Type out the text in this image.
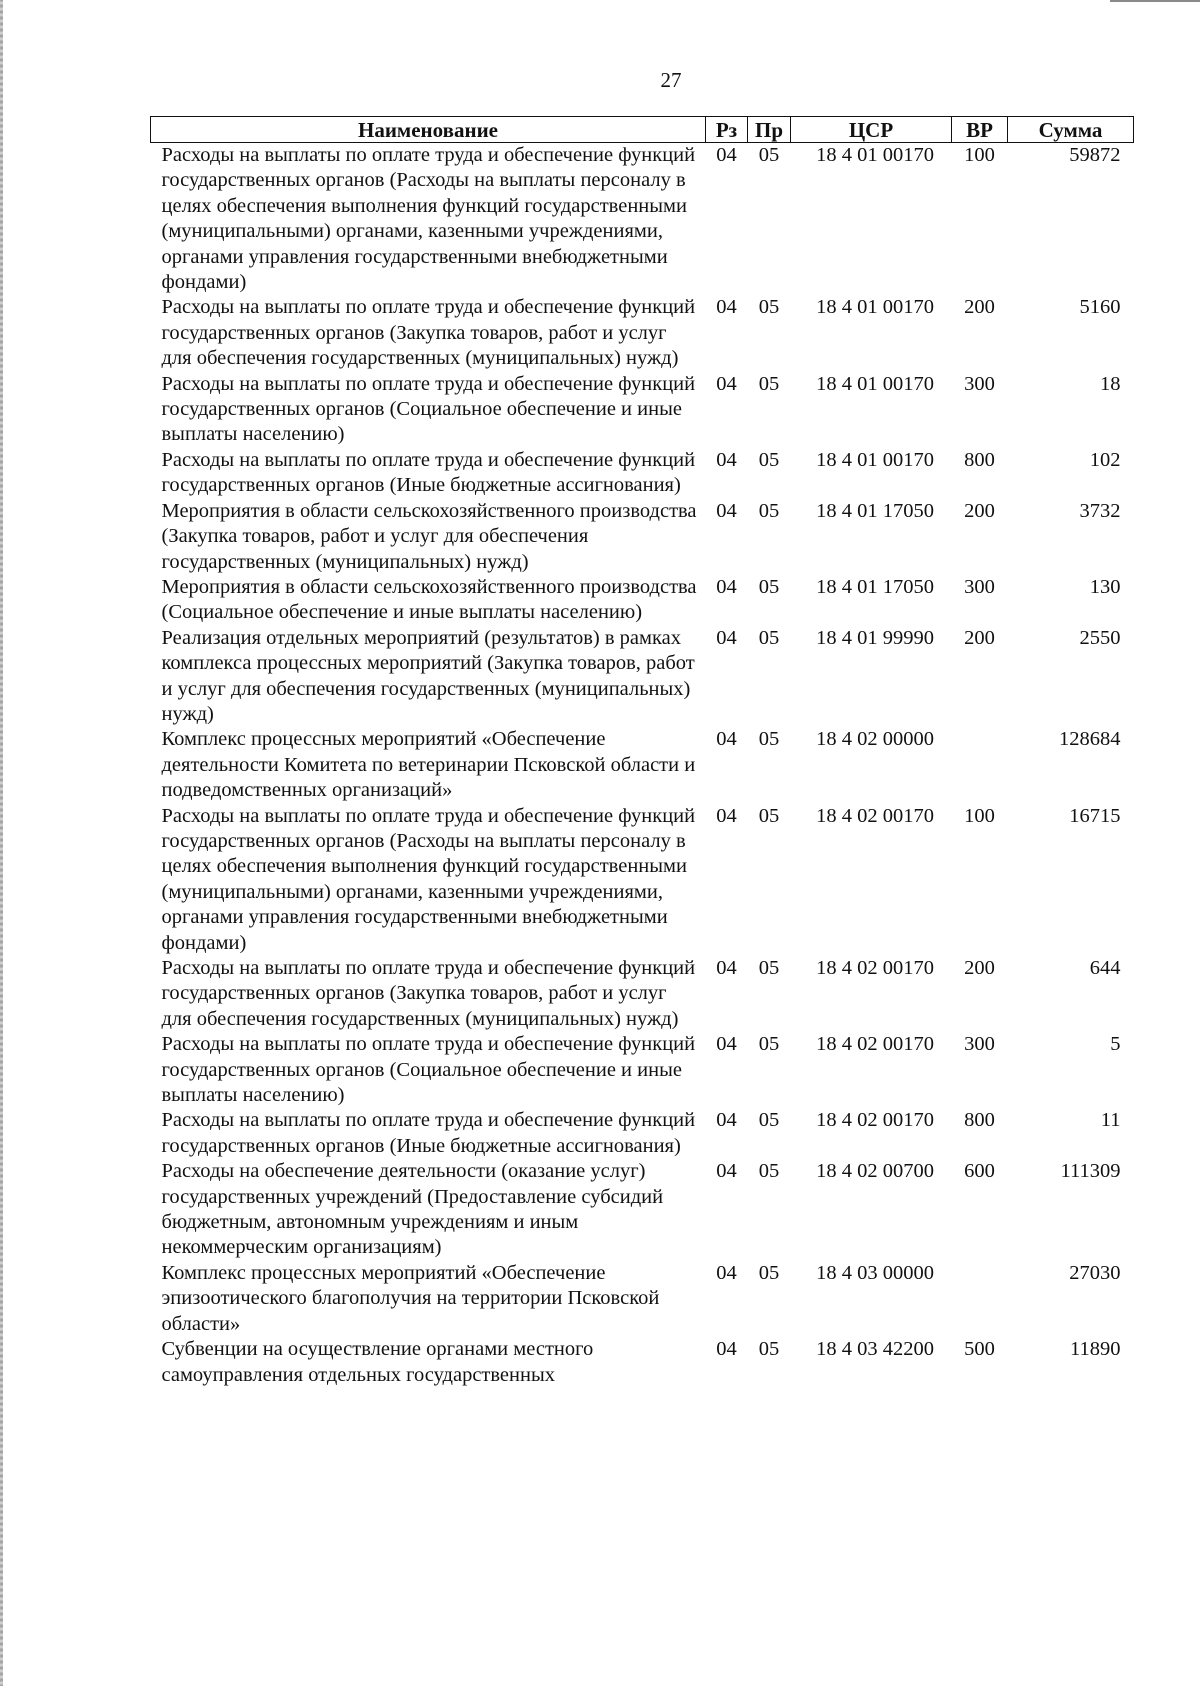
27
Наименование	Рз	Пр	ЦСР	ВР	Сумма
Расходы на выплаты по оплате труда и обеспечение функций государственных органов (Расходы на выплаты персоналу в целях обеспечения выполнения функций государственными (муниципальными) органами, казенными учреждениями, органами управления государственными внебюджетными фондами)	04	05	18 4 01 00170	100	59872
Расходы на выплаты по оплате труда и обеспечение функций государственных органов (Закупка товаров, работ и услуг для обеспечения государственных (муниципальных) нужд)	04	05	18 4 01 00170	200	5160
Расходы на выплаты по оплате труда и обеспечение функций государственных органов (Социальное обеспечение и иные выплаты населению)	04	05	18 4 01 00170	300	18
Расходы на выплаты по оплате труда и обеспечение функций государственных органов (Иные бюджетные ассигнования)	04	05	18 4 01 00170	800	102
Мероприятия в области сельскохозяйственного производства (Закупка товаров, работ и услуг для обеспечения государственных (муниципальных) нужд)	04	05	18 4 01 17050	200	3732
Мероприятия в области сельскохозяйственного производства (Социальное обеспечение и иные выплаты населению)	04	05	18 4 01 17050	300	130
Реализация отдельных мероприятий (результатов) в рамках комплекса процессных мероприятий (Закупка товаров, работ и услуг для обеспечения государственных (муниципальных) нужд)	04	05	18 4 01 99990	200	2550
Комплекс процессных мероприятий «Обеспечение деятельности Комитета по ветеринарии Псковской области и подведомственных организаций»	04	05	18 4 02 00000		128684
Расходы на выплаты по оплате труда и обеспечение функций государственных органов (Расходы на выплаты персоналу в целях обеспечения выполнения функций государственными (муниципальными) органами, казенными учреждениями, органами управления государственными внебюджетными фондами)	04	05	18 4 02 00170	100	16715
Расходы на выплаты по оплате труда и обеспечение функций государственных органов (Закупка товаров, работ и услуг для обеспечения государственных (муниципальных) нужд)	04	05	18 4 02 00170	200	644
Расходы на выплаты по оплате труда и обеспечение функций государственных органов (Социальное обеспечение и иные выплаты населению)	04	05	18 4 02 00170	300	5
Расходы на выплаты по оплате труда и обеспечение функций государственных органов (Иные бюджетные ассигнования)	04	05	18 4 02 00170	800	11
Расходы на обеспечение деятельности (оказание услуг) государственных учреждений (Предоставление субсидий бюджетным, автономным учреждениям и иным некоммерческим организациям)	04	05	18 4 02 00700	600	111309
Комплекс процессных мероприятий «Обеспечение эпизоотического благополучия на территории Псковской области»	04	05	18 4 03 00000		27030
Субвенции на осуществление органами местного самоуправления отдельных государственных	04	05	18 4 03 42200	500	11890
